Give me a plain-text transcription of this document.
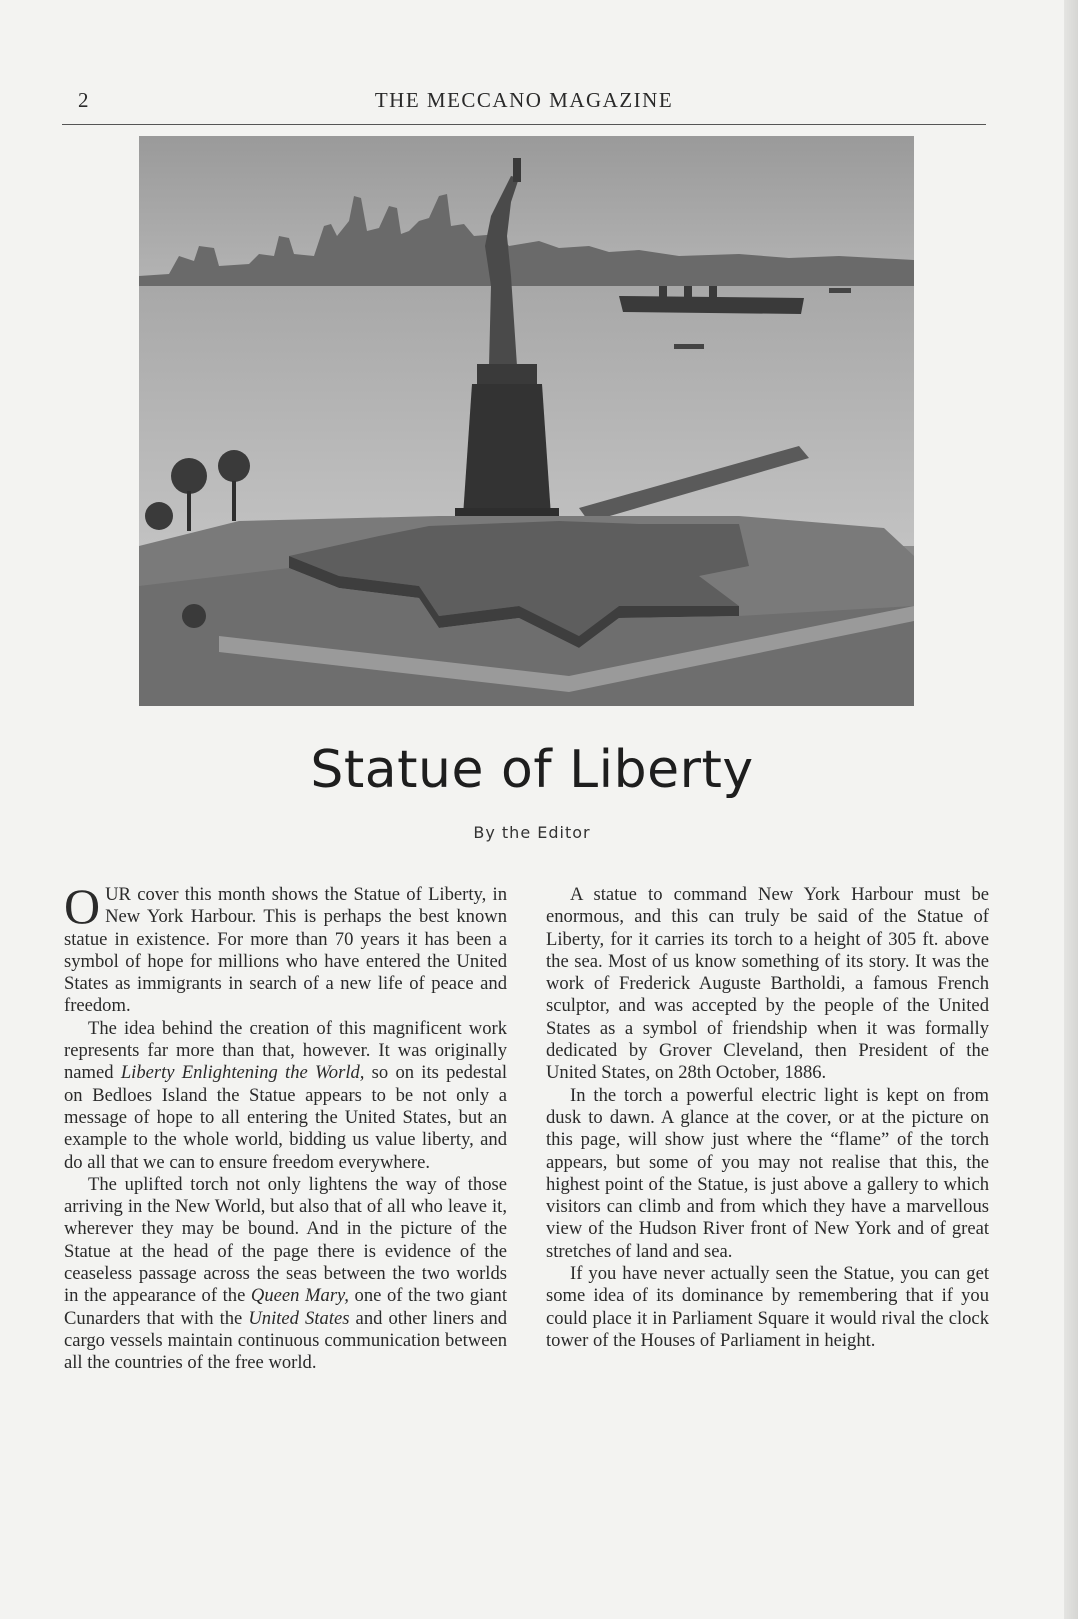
2	THE MECCANO MAGAZINE
Statue of Liberty
By the Editor

OUR cover this month shows the Statue of Liberty, in New York Harbour. This is perhaps the best known statue in existence. For more than 70 years it has been a symbol of hope for millions who have entered the United States as immigrants in search of a new life of peace and freedom.

The idea behind the creation of this magnificent work represents far more than that, however. It was originally named Liberty Enlightening the World, so on its pedestal on Bedloes Island the Statue appears to be not only a message of hope to all entering the United States, but an example to the whole world, bidding us value liberty, and do all that we can to ensure freedom everywhere.

The uplifted torch not only lightens the way of those arriving in the New World, but also that of all who leave it, wherever they may be bound. And in the picture of the Statue at the head of the page there is evidence of the ceaseless passage across the seas between the two worlds in the appearance of the Queen Mary, one of the two giant Cunarders that with the United States and other liners and cargo vessels maintain continuous communication between all the countries of the free world.

A statue to command New York Harbour must be enormous, and this can truly be said of the Statue of Liberty, for it carries its torch to a height of 305 ft. above the sea. Most of us know something of its story. It was the work of Frederick Auguste Bartholdi, a famous French sculptor, and was accepted by the people of the United States as a symbol of friendship when it was formally dedicated by Grover Cleveland, then President of the United States, on 28th October, 1886.

In the torch a powerful electric light is kept on from dusk to dawn. A glance at the cover, or at the picture on this page, will show just where the “flame” of the torch appears, but some of you may not realise that this, the highest point of the Statue, is just above a gallery to which visitors can climb and from which they have a marvellous view of the Hudson River front of New York and of great stretches of land and sea.

If you have never actually seen the Statue, you can get some idea of its dominance by remembering that if you could place it in Parliament Square it would rival the clock tower of the Houses of Parliament in height.
